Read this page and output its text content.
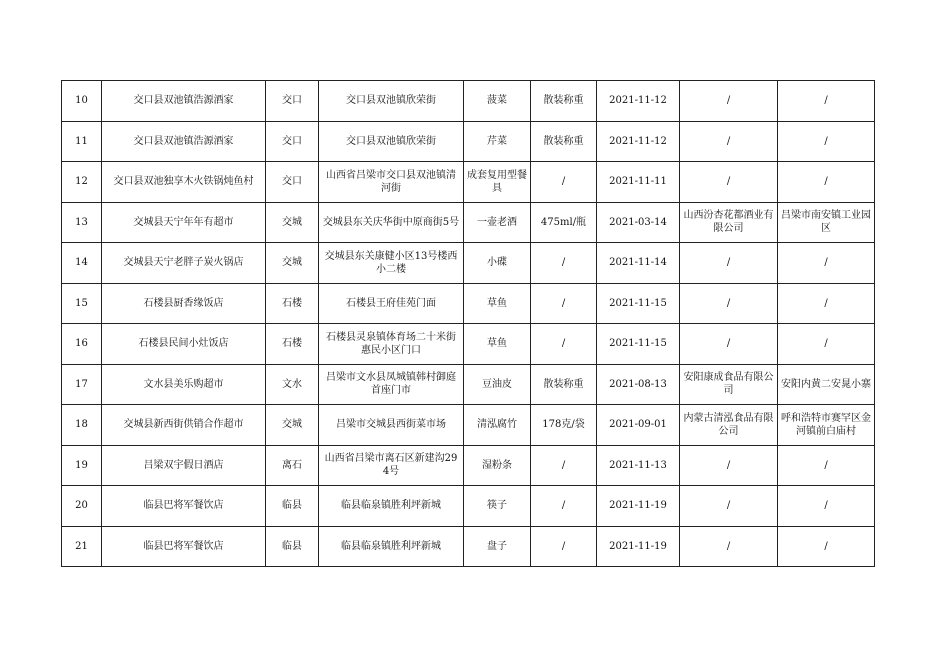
10	交口县双池镇浩源酒家	交口	交口县双池镇欣荣街	菠菜	散装称重	2021-11-12	/	/
11	交口县双池镇浩源酒家	交口	交口县双池镇欣荣街	芹菜	散装称重	2021-11-12	/	/
12	交口县双池独享木火铁锅炖鱼村	交口	山西省吕梁市交口县双池镇清河街	成套复用型餐具	/	2021-11-11	/	/
13	交城县天宁年年有超市	交城	交城县东关庆华街中原商街5号	一壶老酒	475ml/瓶	2021-03-14	山西汾杏花都酒业有限公司	吕梁市南安镇工业园区
14	交城县天宁老胖子炭火锅店	交城	交城县东关康健小区13号楼西小二楼	小碟	/	2021-11-14	/	/
15	石楼县厨香缘饭店	石楼	石楼县王府佳苑门面	草鱼	/	2021-11-15	/	/
16	石楼县民间小灶饭店	石楼	石楼县灵泉镇体育场二十米街惠民小区门口	草鱼	/	2021-11-15	/	/
17	文水县美乐购超市	文水	吕梁市文水县凤城镇韩村御庭首座门市	豆油皮	散装称重	2021-08-13	安阳康成食品有限公司	安阳内黄二安晁小寨
18	交城县新西街供销合作超市	交城	吕梁市交城县西街菜市场	清泓腐竹	178克/袋	2021-09-01	内蒙古清泓食品有限公司	呼和浩特市赛罕区金河镇前白庙村
19	吕梁双宇假日酒店	离石	山西省吕梁市离石区新建沟294号	湿粉条	/	2021-11-13	/	/
20	临县巴将军餐饮店	临县	临县临泉镇胜利坪新城	筷子	/	2021-11-19	/	/
21	临县巴将军餐饮店	临县	临县临泉镇胜利坪新城	盘子	/	2021-11-19	/	/
